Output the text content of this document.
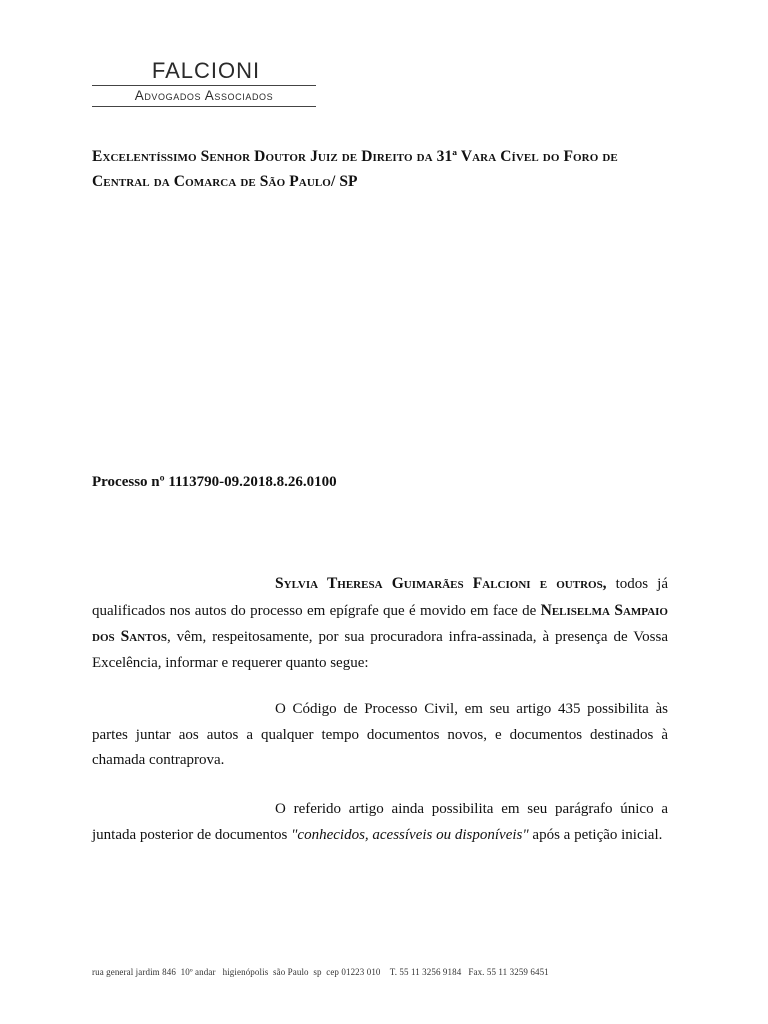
FALCIONI
Advogados Associados
Excelentíssimo Senhor Doutor Juiz de Direito da 31ª Vara Cível do Foro de
Central da Comarca de São Paulo/ SP
Processo nº 1113790-09.2018.8.26.0100

Sylvia Theresa Guimarães Falcioni e outros, todos já qualificados nos autos do processo em epígrafe que é movido em face de Neliselma Sampaio dos Santos, vêm, respeitosamente, por sua procuradora infra-assinada, à presença de Vossa Excelência, informar e requerer quanto segue:

O Código de Processo Civil, em seu artigo 435 possibilita às partes juntar aos autos a qualquer tempo documentos novos, e documentos destinados à chamada contraprova.

O referido artigo ainda possibilita em seu parágrafo único a juntada posterior de documentos "conhecidos, acessíveis ou disponíveis" após a petição inicial.

rua general jardim 846  10º andar   higienópolis  são Paulo  sp  cep 01223 010    T. 55 11 3256 9184   Fax. 55 11 3259 6451
